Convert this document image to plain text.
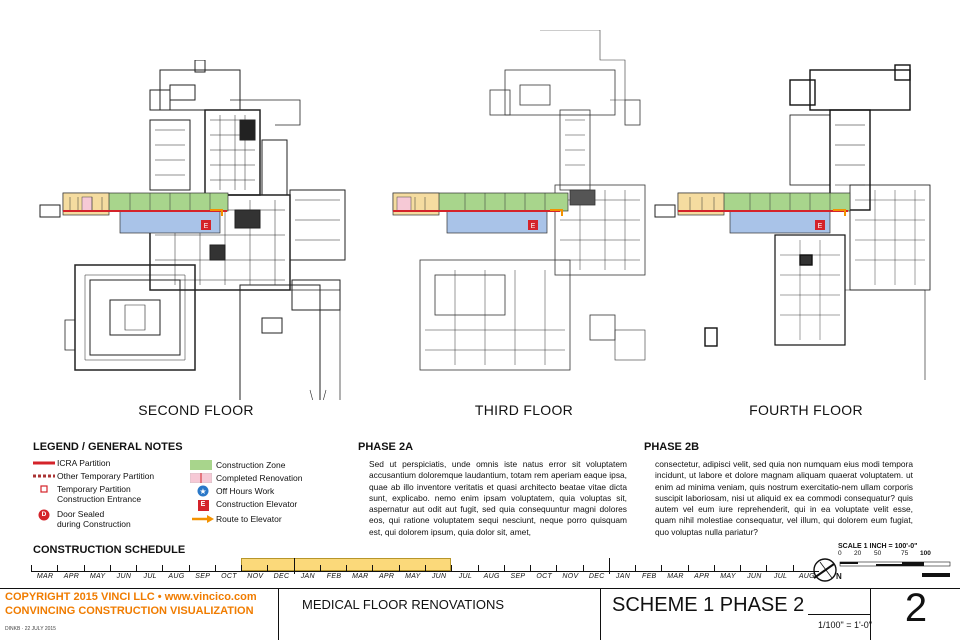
E	E	E
SECOND FLOOR	THIRD FLOOR	FOURTH FLOOR
LEGEND / GENERAL NOTES
ICRA Partition
Other Temporary Partition
Temporary Partition
Construction Entrance
D	Door Sealed
during Construction
Construction Zone
Completed Renovation
★ Off Hours Work
E	Construction Elevator
Route to Elevator
PHASE 2A
Sed ut perspiciatis, unde omnis iste natus error sit voluptatem accusantium doloremque laudantium, totam rem aperiam eaque ipsa, quae ab illo inventore veritatis et quasi architecto beatae vitae dicta sunt, explicabo. nemo enim ipsam voluptatem, quia voluptas sit, aspernatur aut odit aut fugit, sed quia consequuntur magni dolores eos, qui ratione voluptatem sequi nesciunt, neque porro quisquam est, qui dolorem ipsum, quia dolor sit, amet,
PHASE 2B
consectetur, adipisci velit, sed quia non numquam eius modi tempora incidunt, ut labore et dolore magnam aliquam quaerat voluptatem. ut enim ad minima veniam, quis nostrum exercitatio-nem ullam corporis suscipit laboriosam, nisi ut aliquid ex ea commodi consequatur? quis autem vel eum iure reprehenderit, qui in ea voluptate velit esse, quam nihil molestiae consequatur, vel illum, qui dolorem eum fugiat, quo voluptas nulla pariatur?
CONSTRUCTION SCHEDULE
MAR	APR	MAY	JUN	JUL	AUG	SEP	OCT	NOV	DEC	JAN	FEB	MAR	APR	MAY	JUN	JUL	AUG	SEP	OCT	NOV	DEC	JAN	FEB	MAR	APR	MAY	JUN	JUL	AUG	N
SCALE 1 INCH = 100'-0"
0 20 50	75 100
COPYRIGHT 2015 VINCI LLC • www.vincico.com
CONVINCING CONSTRUCTION VISUALIZATION
DINKB · 22 JULY 2015
MEDICAL FLOOR RENOVATIONS	SCHEME 1 PHASE 2
1/100" = 1'-0" 2
